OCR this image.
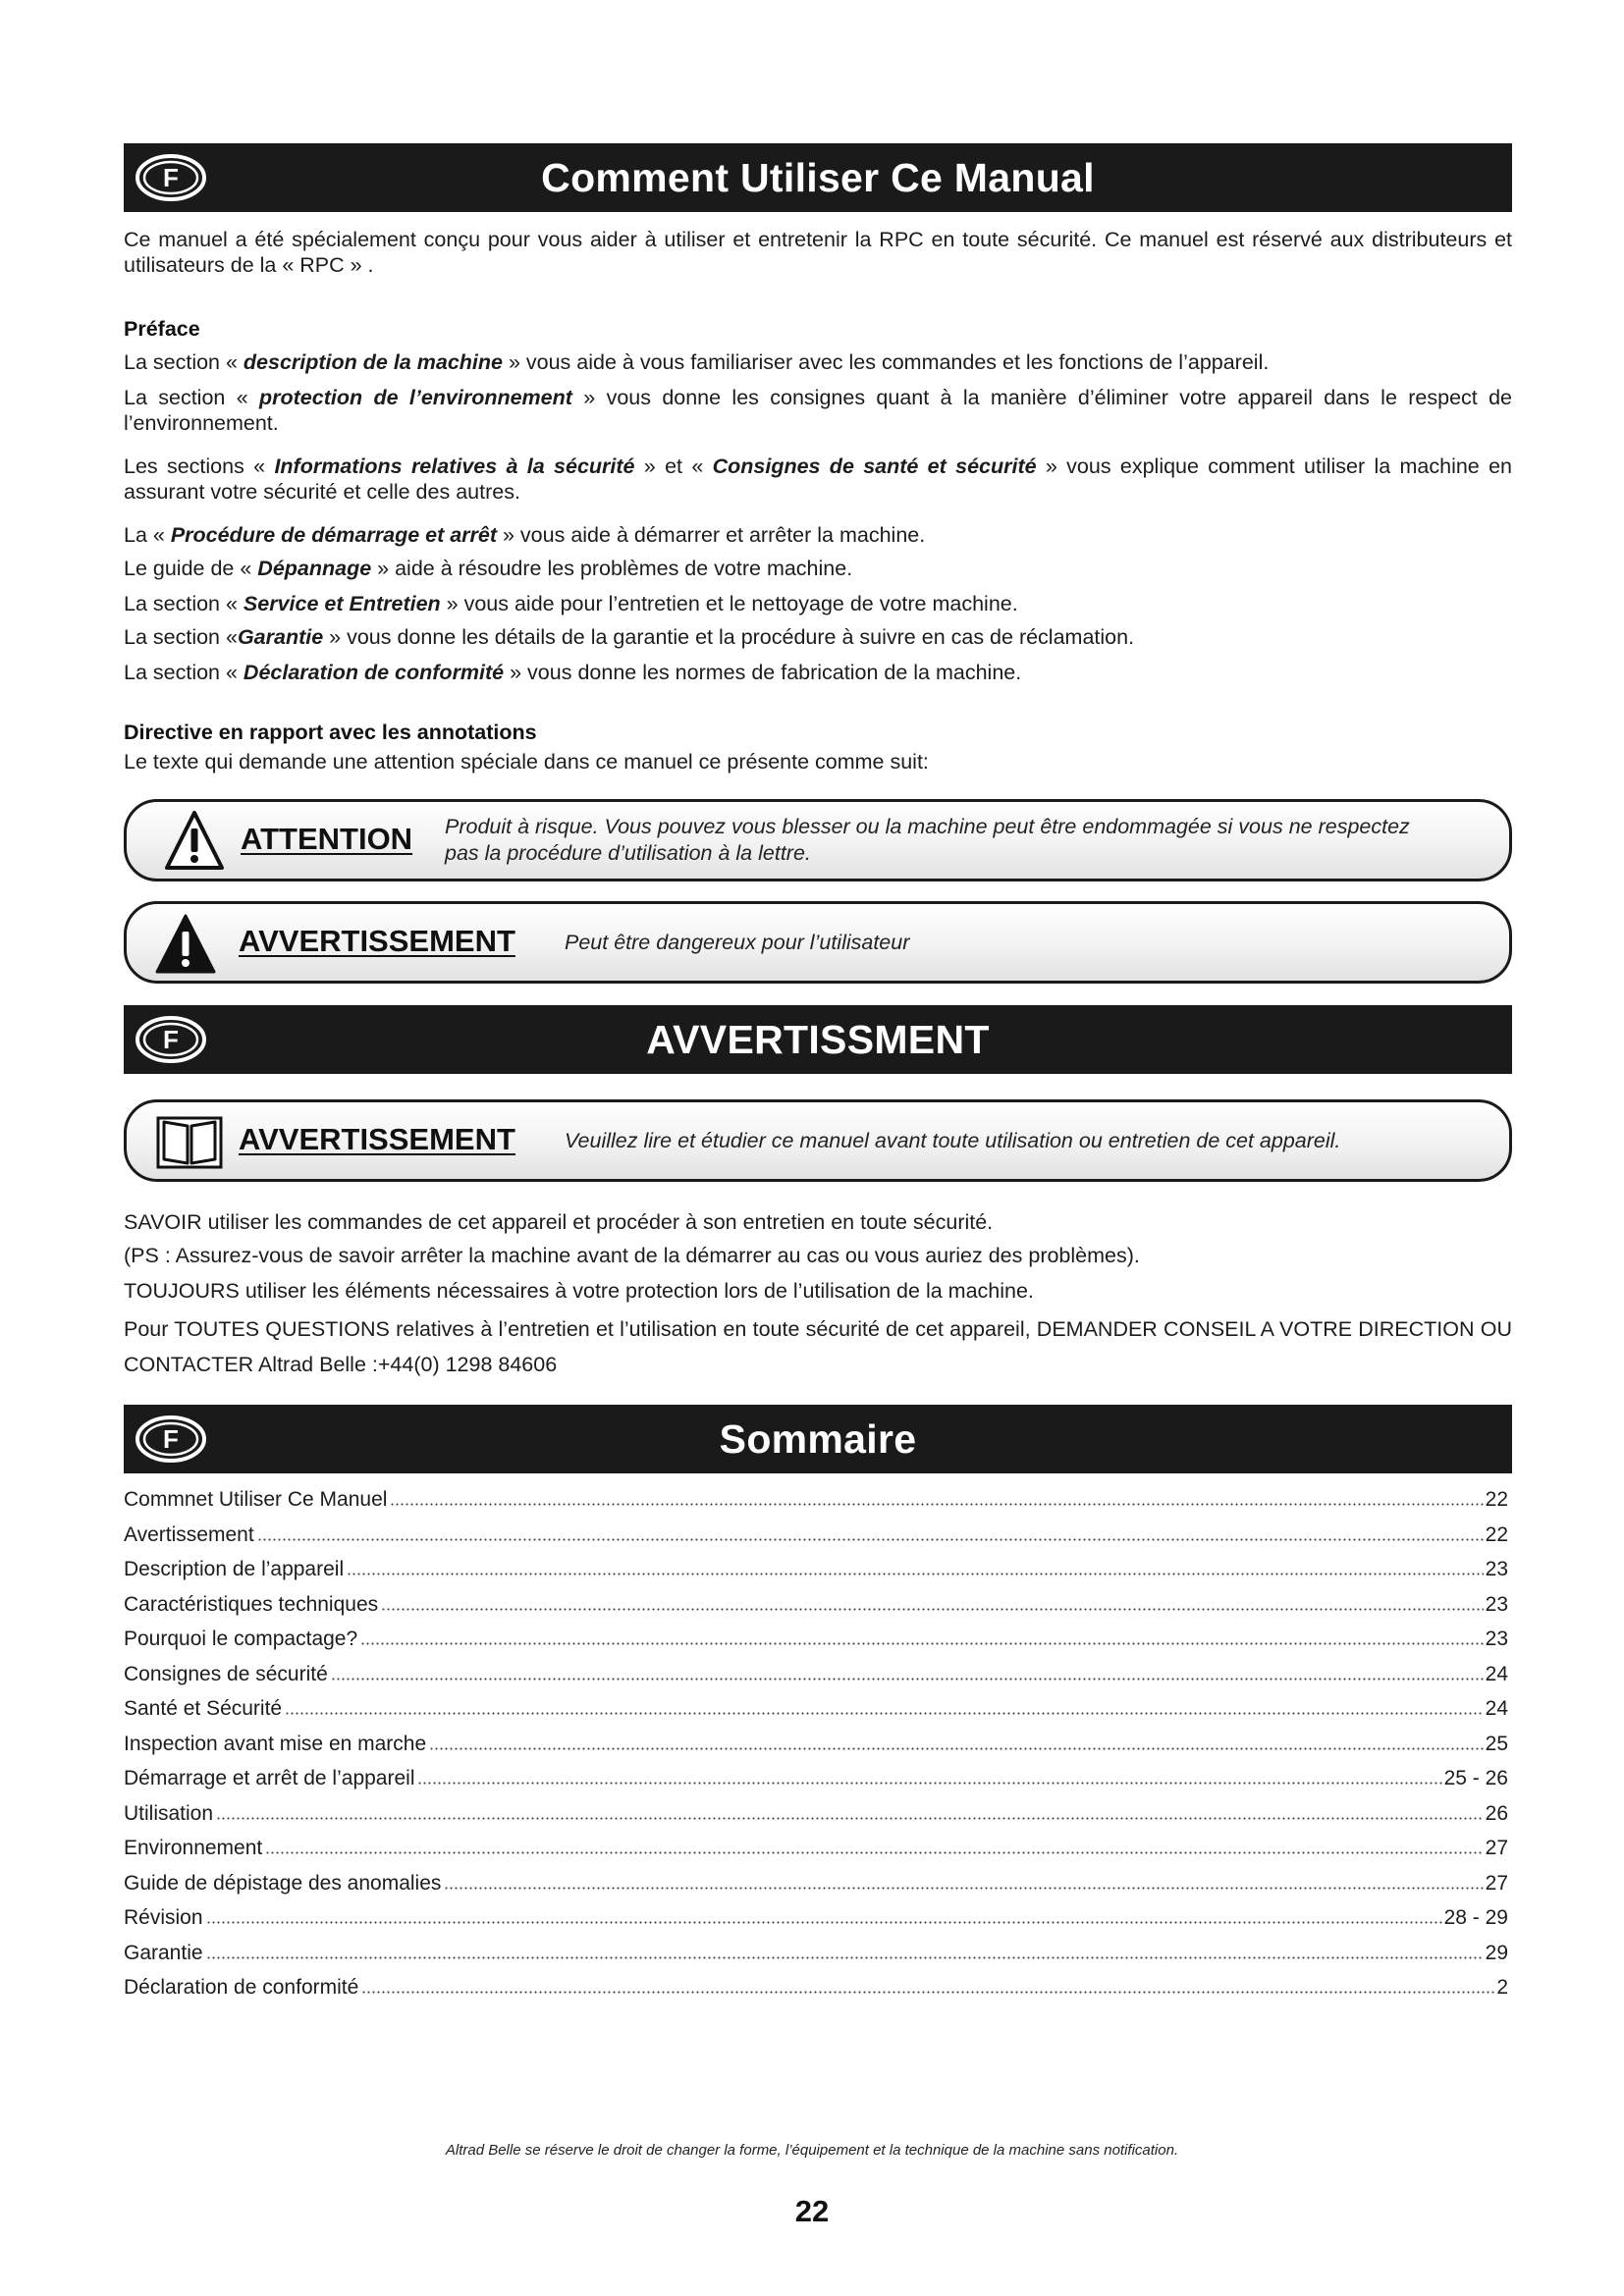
F	Comment Utiliser Ce Manual
Ce manuel a été spécialement conçu pour vous aider à utiliser et entretenir la RPC en toute sécurité. Ce manuel est réservé aux distributeurs et utilisateurs de la « RPC » .
Préface
La section « description de la machine » vous aide à vous familiariser avec les commandes et les fonctions de l’appareil.
La section « protection de l’environnement » vous donne les consignes quant à la manière d’éliminer votre appareil dans le respect de l’environnement.
Les sections « Informations relatives à la sécurité » et « Consignes de santé et sécurité » vous explique comment utiliser la machine en assurant votre sécurité et celle des autres.
La « Procédure de démarrage et arrêt » vous aide à démarrer et arrêter la machine.
Le guide de « Dépannage » aide à résoudre les problèmes de votre machine.
La section « Service et Entretien » vous aide pour l’entretien et le nettoyage de votre machine.
La section «Garantie » vous donne les détails de la garantie et la procédure à suivre en cas de réclamation.
La section « Déclaration de conformité » vous donne les normes de fabrication de la machine.
Directive en rapport avec les annotations
Le texte qui demande une attention spéciale dans ce manuel ce présente comme suit:
ATTENTION Produit à risque. Vous pouvez vous blesser ou la machine peut être endommagée si vous ne respectez pas la procédure d’utilisation à la lettre.
AVVERTISSEMENT Peut être dangereux pour l’utilisateur
F	AVVERTISSMENT
AVVERTISSEMENT Veuillez lire et étudier ce manuel avant toute utilisation ou entretien de cet appareil.
SAVOIR utiliser les commandes de cet appareil et procéder à son entretien en toute sécurité.
(PS : Assurez-vous de savoir arrêter la machine avant de la démarrer au cas ou vous auriez des problèmes).
TOUJOURS utiliser les éléments nécessaires à votre protection lors de l’utilisation de la machine.
Pour TOUTES QUESTIONS relatives à l’entretien et l’utilisation en toute sécurité de cet appareil, DEMANDER CONSEIL A VOTRE DIRECTION OU CONTACTER Altrad Belle :+44(0) 1298 84606
F	Sommaire
Commnet Utiliser Ce Manuel	22
Avertissement	22
Description de l’appareil	23
Caractéristiques techniques	23
Pourquoi le compactage?	23
Consignes de sécurité	24
Santé et Sécurité	24
Inspection avant mise en marche	25
Démarrage et arrêt de l’appareil	25 - 26
Utilisation	26
Environnement	27
Guide de dépistage des anomalies	27
Révision	28 - 29
Garantie	29
Déclaration de conformité	2
Altrad Belle se réserve le droit de changer la forme, l’équipement et la technique de la machine sans notification.
22
